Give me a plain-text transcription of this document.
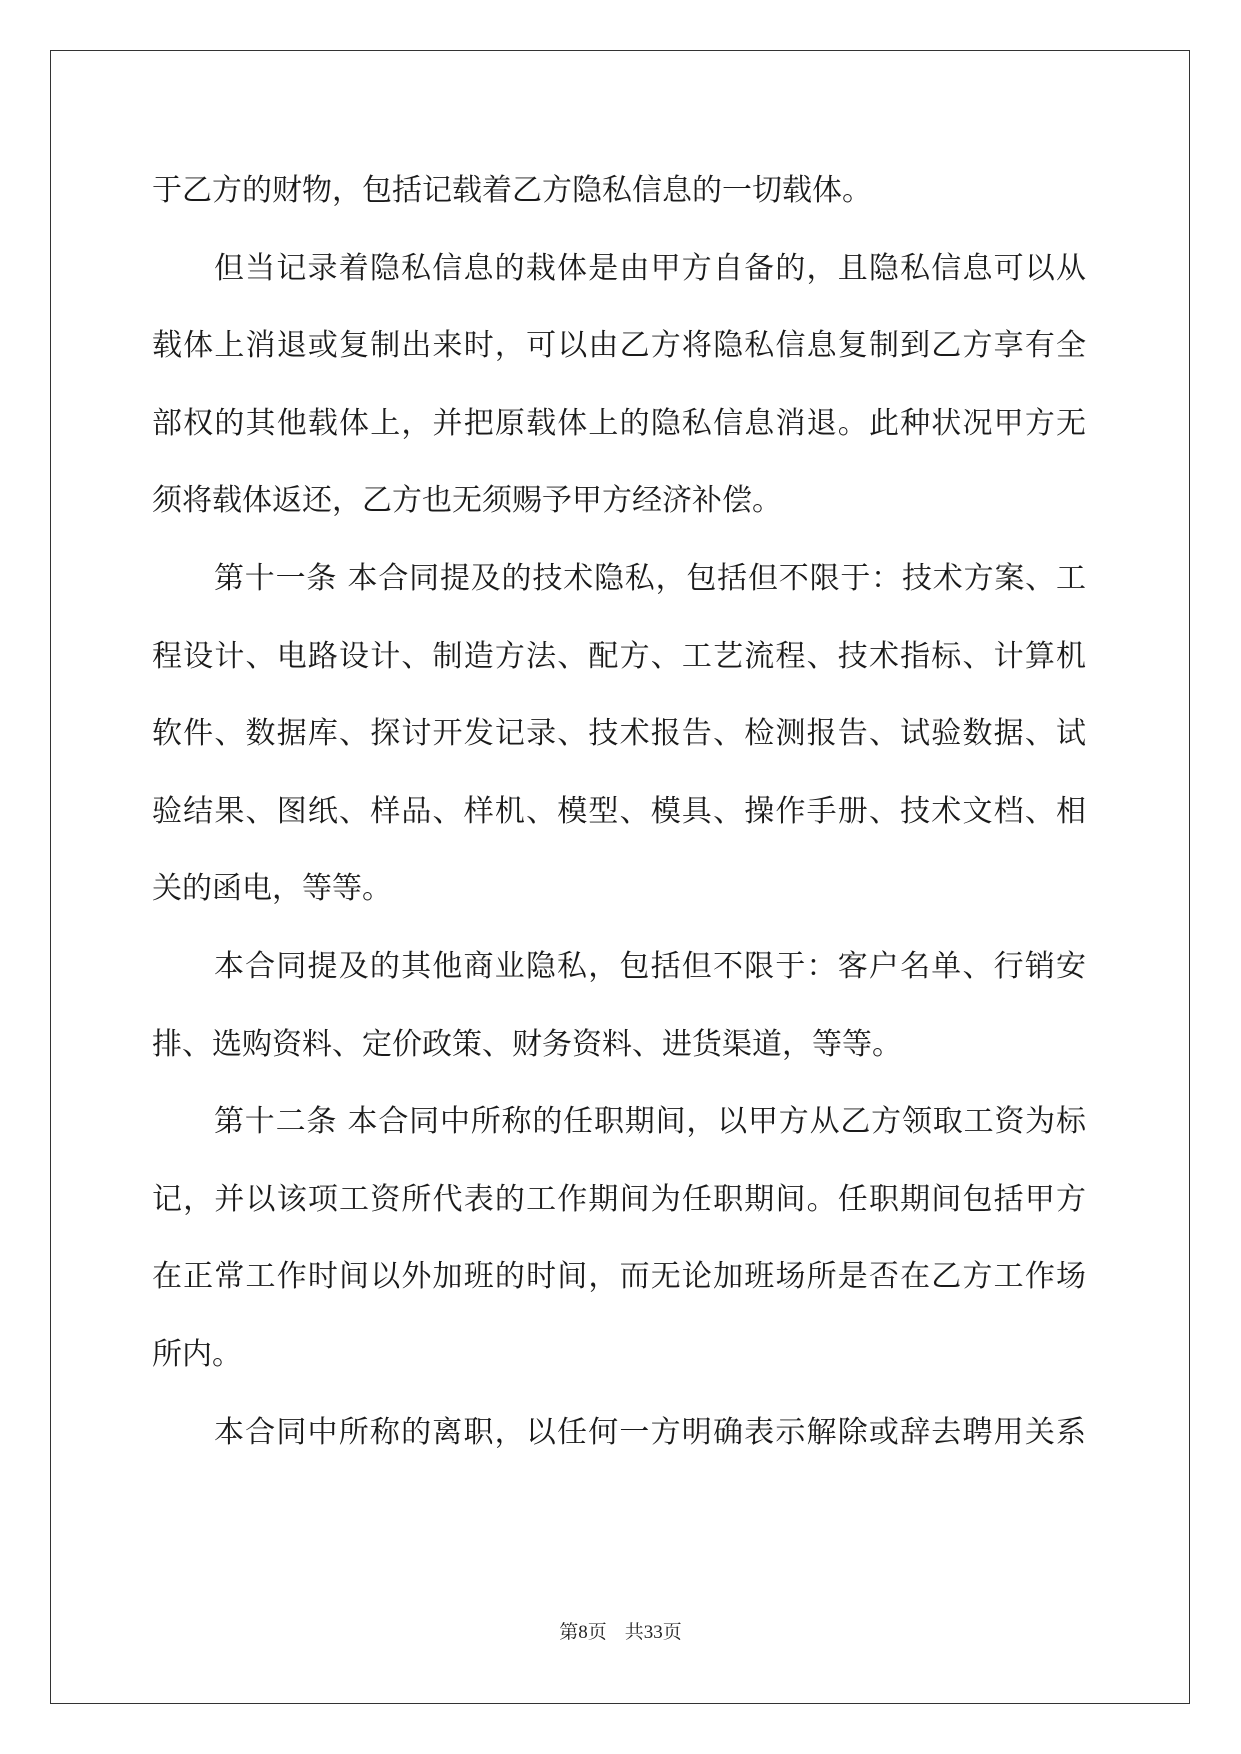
于乙方的财物，包括记载着乙方隐私信息的一切载体。
但当记录着隐私信息的栽体是由甲方自备的，且隐私信息可以从
载体上消退或复制出来时，可以由乙方将隐私信息复制到乙方享有全
部权的其他载体上，并把原载体上的隐私信息消退。此种状况甲方无
须将载体返还，乙方也无须赐予甲方经济补偿。
第十一条 本合同提及的技术隐私，包括但不限于：技术方案、工
程设计、电路设计、制造方法、配方、工艺流程、技术指标、计算机
软件、数据库、探讨开发记录、技术报告、检测报告、试验数据、试
验结果、图纸、样品、样机、模型、模具、操作手册、技术文档、相
关的函电，等等。
本合同提及的其他商业隐私，包括但不限于：客户名单、行销安
排、选购资料、定价政策、财务资料、进货渠道，等等。
第十二条 本合同中所称的任职期间，以甲方从乙方领取工资为标
记，并以该项工资所代表的工作期间为任职期间。任职期间包括甲方
在正常工作时间以外加班的时间，而无论加班场所是否在乙方工作场
所内。
本合同中所称的离职，以任何一方明确表示解除或辞去聘用关系
第8页 共33页
